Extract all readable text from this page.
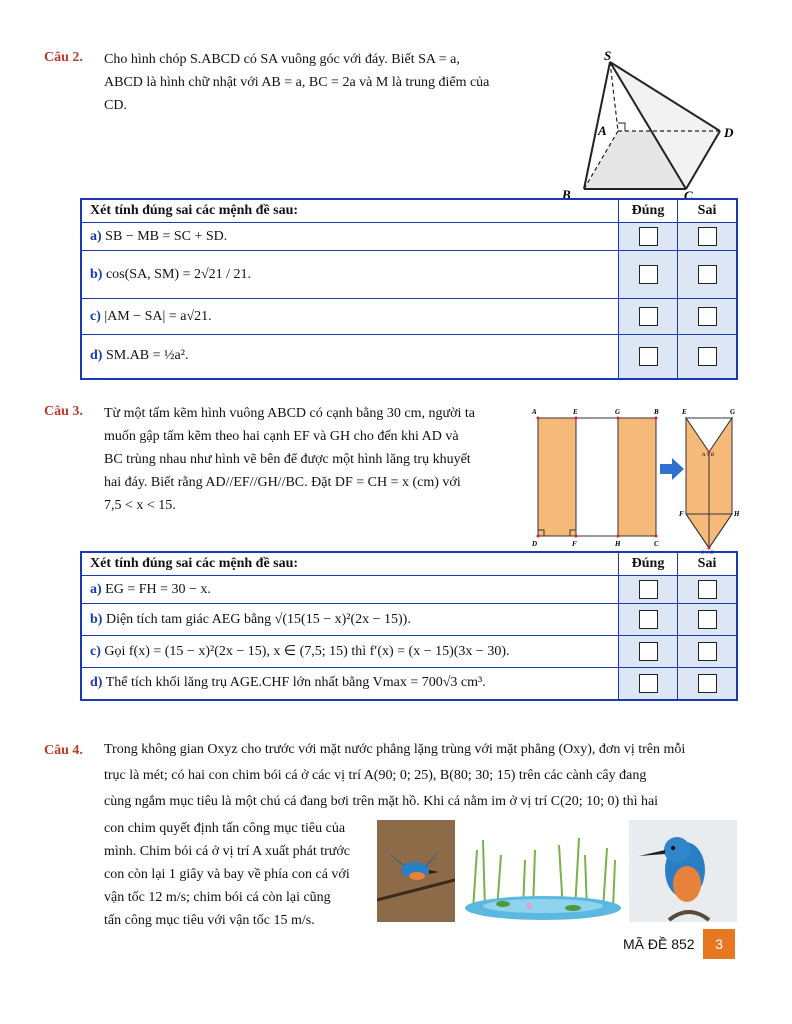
Câu 2. Cho hình chóp S.ABCD có SA vuông góc với đáy. Biết SA = a,
ABCD là hình chữ nhật với AB = a, BC = 2a và M là trung điểm của
CD.
S
A
B	C
D
Xét tính đúng sai các mệnh đề sau:	Đúng	Sai
a) SB − MB = SC + SD.		
b) cos(SA, SM) = 2√21 / 21.		
c) |AM − SA| = a√21.		
d) SM.AB = ½a².		
Câu 3. Từ một tấm kẽm hình vuông ABCD có cạnh bằng 30 cm, người ta
muốn gập tấm kẽm theo hai cạnh EF và GH cho đến khi AD và
BC trùng nhau như hình vẽ bên để được một hình lăng trụ khuyết
hai đáy. Biết rằng AD//EF//GH//BC. Đặt DF = CH = x (cm) với
7,5 < x < 15.
A	E	G	B
D	F	H	C
E	G
A ≡ B
F	H
C ≡ D
Xét tính đúng sai các mệnh đề sau:	Đúng	Sai
a) EG = FH = 30 − x.		
b) Diện tích tam giác AEG bằng √(15(15 − x)²(2x − 15)).		
c) Gọi f(x) = (15 − x)²(2x − 15), x ∈ (7,5; 15) thì f′(x) = (x − 15)(3x − 30).		
d) Thể tích khối lăng trụ AGE.CHF lớn nhất bằng Vmax = 700√3 cm³.		
Câu 4. Trong không gian Oxyz cho trước với mặt nước phẳng lặng trùng với mặt phẳng (Oxy), đơn vị trên mỗi
trục là mét; có hai con chim bói cá ở các vị trí A(90; 0; 25), B(80; 30; 15) trên các cành cây đang
cùng ngắm mục tiêu là một chú cá đang bơi trên mặt hồ. Khi cá nằm im ở vị trí C(20; 10; 0) thì hai
con chim quyết định tấn công mục tiêu của
mình. Chim bói cá ở vị trí A xuất phát trước
con còn lại 1 giây và bay về phía con cá với
vận tốc 12 m/s; chim bói cá còn lại cũng
tấn công mục tiêu với vận tốc 15 m/s.
MÃ ĐỀ 852	3
